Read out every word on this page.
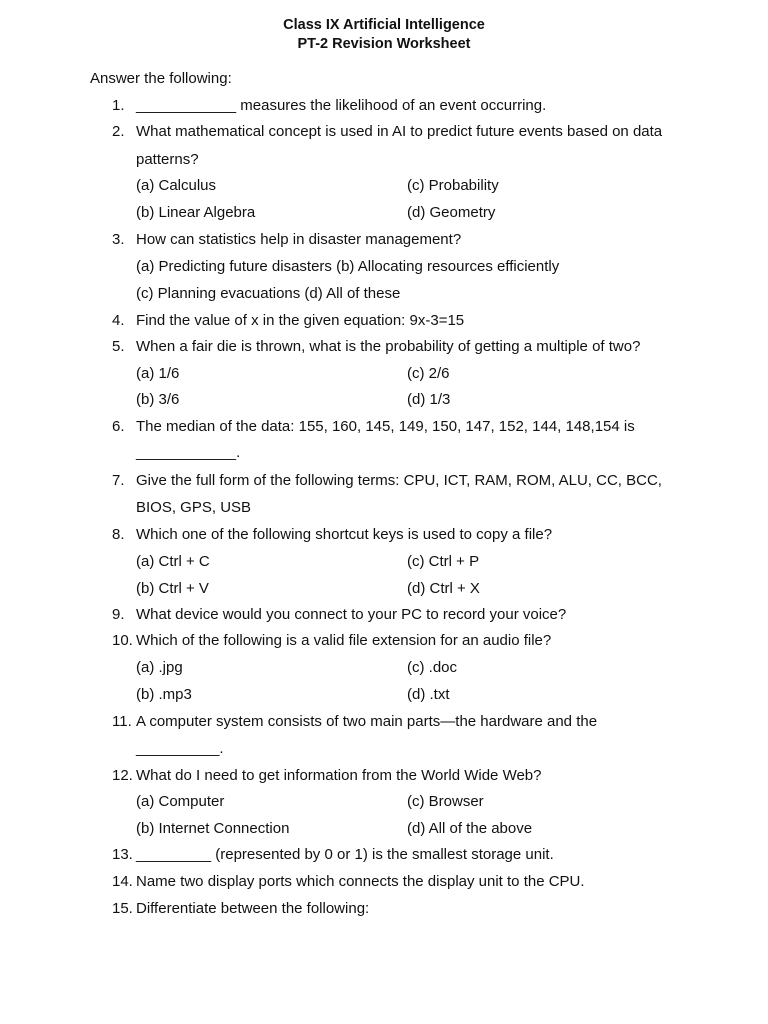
Class IX Artificial Intelligence
PT-2 Revision Worksheet
Answer the following:
1. ____________ measures the likelihood of an event occurring.
2. What mathematical concept is used in AI to predict future events based on data
patterns?
(a) Calculus	(c) Probability
(b) Linear Algebra	(d) Geometry
3. How can statistics help in disaster management?
(a) Predicting future disasters (b) Allocating resources efficiently
(c) Planning evacuations (d) All of these
4. Find the value of x in the given equation: 9x-3=15
5. When a fair die is thrown, what is the probability of getting a multiple of two?
(a) 1/6	(c) 2/6
(b) 3/6	(d) 1/3
6. The median of the data: 155, 160, 145, 149, 150, 147, 152, 144, 148,154 is
____________.
7. Give the full form of the following terms: CPU, ICT, RAM, ROM, ALU, CC, BCC,
BIOS, GPS, USB
8. Which one of the following shortcut keys is used to copy a file?
(a) Ctrl + C	(c) Ctrl + P
(b) Ctrl + V	(d) Ctrl + X
9. What device would you connect to your PC to record your voice?
10. Which of the following is a valid file extension for an audio file?
(a) .jpg	(c) .doc
(b) .mp3	(d) .txt
11. A computer system consists of two main parts—the hardware and the
__________.
12. What do I need to get information from the World Wide Web?
(a) Computer	(c) Browser
(b) Internet Connection	(d) All of the above
13. _________ (represented by 0 or 1) is the smallest storage unit.
14. Name two display ports which connects the display unit to the CPU.
15. Differentiate between the following:
